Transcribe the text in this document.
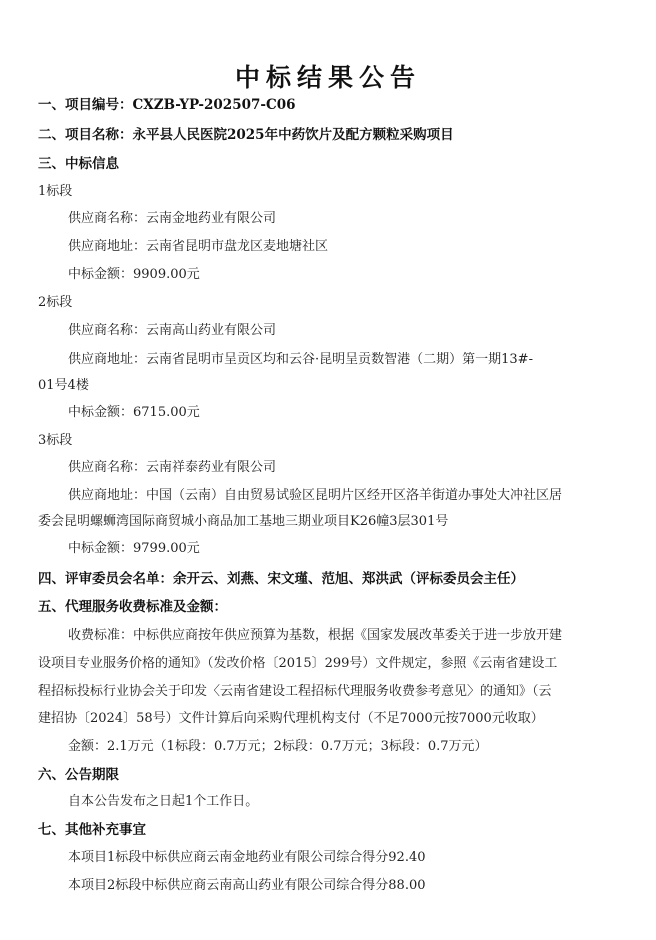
中标结果公告
一、项目编号：CXZB-YP-202507-C06
二、项目名称：永平县人民医院2025年中药饮片及配方颗粒采购项目
三、中标信息
1标段
供应商名称：云南金地药业有限公司
供应商地址：云南省昆明市盘龙区麦地塘社区
中标金额：9909.00元
2标段
供应商名称：云南高山药业有限公司
供应商地址：云南省昆明市呈贡区均和云谷·昆明呈贡数智港（二期）第一期13#-
01号4楼
中标金额：6715.00元
3标段
供应商名称：云南祥泰药业有限公司
供应商地址：中国（云南）自由贸易试验区昆明片区经开区洛羊街道办事处大冲社区居
委会昆明螺蛳湾国际商贸城小商品加工基地三期业项目K26幢3层301号
中标金额：9799.00元
四、评审委员会名单：余开云、刘燕、宋文瑾、范旭、郑洪武（评标委员会主任）
五、代理服务收费标准及金额：
收费标准：中标供应商按年供应预算为基数，根据《国家发展改革委关于进一步放开建
设项目专业服务价格的通知》（发改价格〔2015〕299号）文件规定，参照《云南省建设工
程招标投标行业协会关于印发〈云南省建设工程招标代理服务收费参考意见〉的通知》（云
建招协〔2024〕58号）文件计算后向采购代理机构支付（不足7000元按7000元收取）
金额：2.1万元（1标段：0.7万元；2标段：0.7万元；3标段：0.7万元）
六、公告期限
自本公告发布之日起1个工作日。
七、其他补充事宜
本项目1标段中标供应商云南金地药业有限公司综合得分92.40
本项目2标段中标供应商云南高山药业有限公司综合得分88.00
